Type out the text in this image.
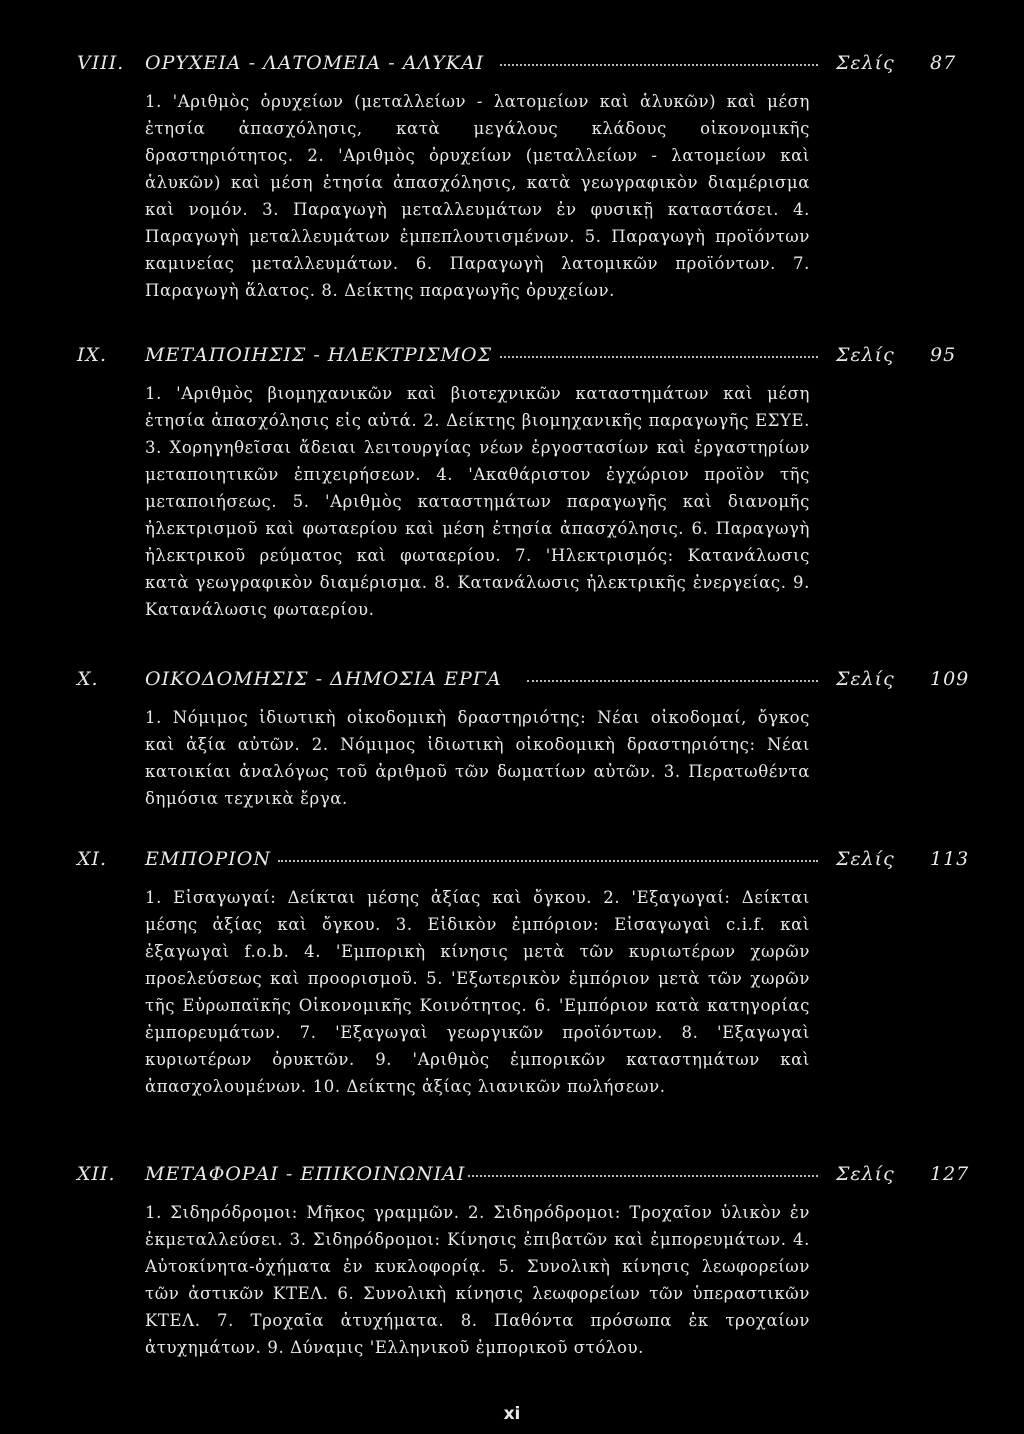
VIII. ΟΡΥΧΕΙΑ - ΛΑΤΟΜΕΙΑ - ΑΛΥΚΑΙ	Σελίς 87
1. 'Αριθμὸς ὀρυχείων (μεταλλείων - λατομείων καὶ ἁλυκῶν) καὶ μέση ἐτησία ἀπασχόλησις, κατὰ μεγάλους κλάδους οἰκονομικῆς δραστηριότητος. 2. 'Αριθμὸς ὀρυχείων (μεταλλείων - λατομείων καὶ ἁλυκῶν) καὶ μέση ἐτησία ἀπασχόλησις, κατὰ γεωγραφικὸν διαμέρισμα καὶ νομόν. 3. Παραγωγὴ μεταλλευμάτων ἐν φυσικῇ καταστάσει. 4. Παραγωγὴ μεταλλευμάτων ἐμπεπλουτισμένων. 5. Παραγωγὴ προϊόντων καμινείας μεταλλευμάτων. 6. Παραγωγὴ λατομικῶν προϊόντων. 7. Παραγωγὴ ἅλατος. 8. Δείκτης παραγωγῆς ὀρυχείων.
IX. ΜΕΤΑΠΟΙΗΣΙΣ - ΗΛΕΚΤΡΙΣΜΟΣ	Σελίς 95
1. 'Αριθμὸς βιομηχανικῶν καὶ βιοτεχνικῶν καταστημάτων καὶ μέση ἐτησία ἀπασχόλησις εἰς αὐτά. 2. Δείκτης βιομηχανικῆς παραγωγῆς ΕΣΥΕ. 3. Χορηγηθεῖσαι ἄδειαι λειτουργίας νέων ἐργοστασίων καὶ ἐργαστηρίων μεταποιητικῶν ἐπιχειρήσεων. 4. 'Ακαθάριστον ἐγχώριον προϊὸν τῆς μεταποιήσεως. 5. 'Αριθμὸς καταστημάτων παραγωγῆς καὶ διανομῆς ἠλεκτρισμοῦ καὶ φωταερίου καὶ μέση ἐτησία ἀπασχόλησις. 6. Παραγωγὴ ἠλεκτρικοῦ ρεύματος καὶ φωταερίου. 7. 'Ηλεκτρισμός: Κατανάλωσις κατὰ γεωγραφικὸν διαμέρισμα. 8. Κατανάλωσις ἠλεκτρικῆς ἐνεργείας. 9. Κατανάλωσις φωταερίου.
X. ΟΙΚΟΔΟΜΗΣΙΣ - ΔΗΜΟΣΙΑ ΕΡΓΑ	Σελίς 109
1. Νόμιμος ἰδιωτικὴ οἰκοδομικὴ δραστηριότης: Νέαι οἰκοδομαί, ὄγκος καὶ ἀξία αὐτῶν. 2. Νόμιμος ἰδιωτικὴ οἰκοδομικὴ δραστηριότης: Νέαι κατοικίαι ἀναλόγως τοῦ ἀριθμοῦ τῶν δωματίων αὐτῶν. 3. Περατωθέντα δημόσια τεχνικὰ ἔργα.
XI. ΕΜΠΟΡΙΟΝ	Σελίς 113
1. Εἰσαγωγαί: Δείκται μέσης ἀξίας καὶ ὄγκου. 2. 'Εξαγωγαί: Δείκται μέσης ἀξίας καὶ ὄγκου. 3. Εἰδικὸν ἐμπόριον: Εἰσαγωγαὶ c.i.f. καὶ ἐξαγωγαὶ f.o.b. 4. 'Εμπορικὴ κίνησις μετὰ τῶν κυριωτέρων χωρῶν προελεύσεως καὶ προορισμοῦ. 5. 'Εξωτερικὸν ἐμπόριον μετὰ τῶν χωρῶν τῆς Εὐρωπαϊκῆς Οἰκονομικῆς Κοινότητος. 6. 'Εμπόριον κατὰ κατηγορίας ἐμπορευμάτων. 7. 'Εξαγωγαὶ γεωργικῶν προϊόντων. 8. 'Εξαγωγαὶ κυριωτέρων ὀρυκτῶν. 9. 'Αριθμὸς ἐμπορικῶν καταστημάτων καὶ ἀπασχολουμένων. 10. Δείκτης ἀξίας λιανικῶν πωλήσεων.
XII. ΜΕΤΑΦΟΡΑΙ - ΕΠΙΚΟΙΝΩΝΙΑΙ	Σελίς 127
1. Σιδηρόδρομοι: Μῆκος γραμμῶν. 2. Σιδηρόδρομοι: Τροχαῖον ὑλικὸν ἐν ἐκμεταλλεύσει. 3. Σιδηρόδρομοι: Κίνησις ἐπιβατῶν καὶ ἐμπορευμάτων. 4. Αὐτοκίνητα-ὀχήματα ἐν κυκλοφορίᾳ. 5. Συνολικὴ κίνησις λεωφορείων τῶν ἀστικῶν ΚΤΕΛ. 6. Συνολικὴ κίνησις λεωφορείων τῶν ὑπεραστικῶν ΚΤΕΛ. 7. Τροχαῖα ἀτυχήματα. 8. Παθόντα πρόσωπα ἐκ τροχαίων ἀτυχημάτων. 9. Δύναμις 'Ελληνικοῦ ἐμπορικοῦ στόλου.
xi
